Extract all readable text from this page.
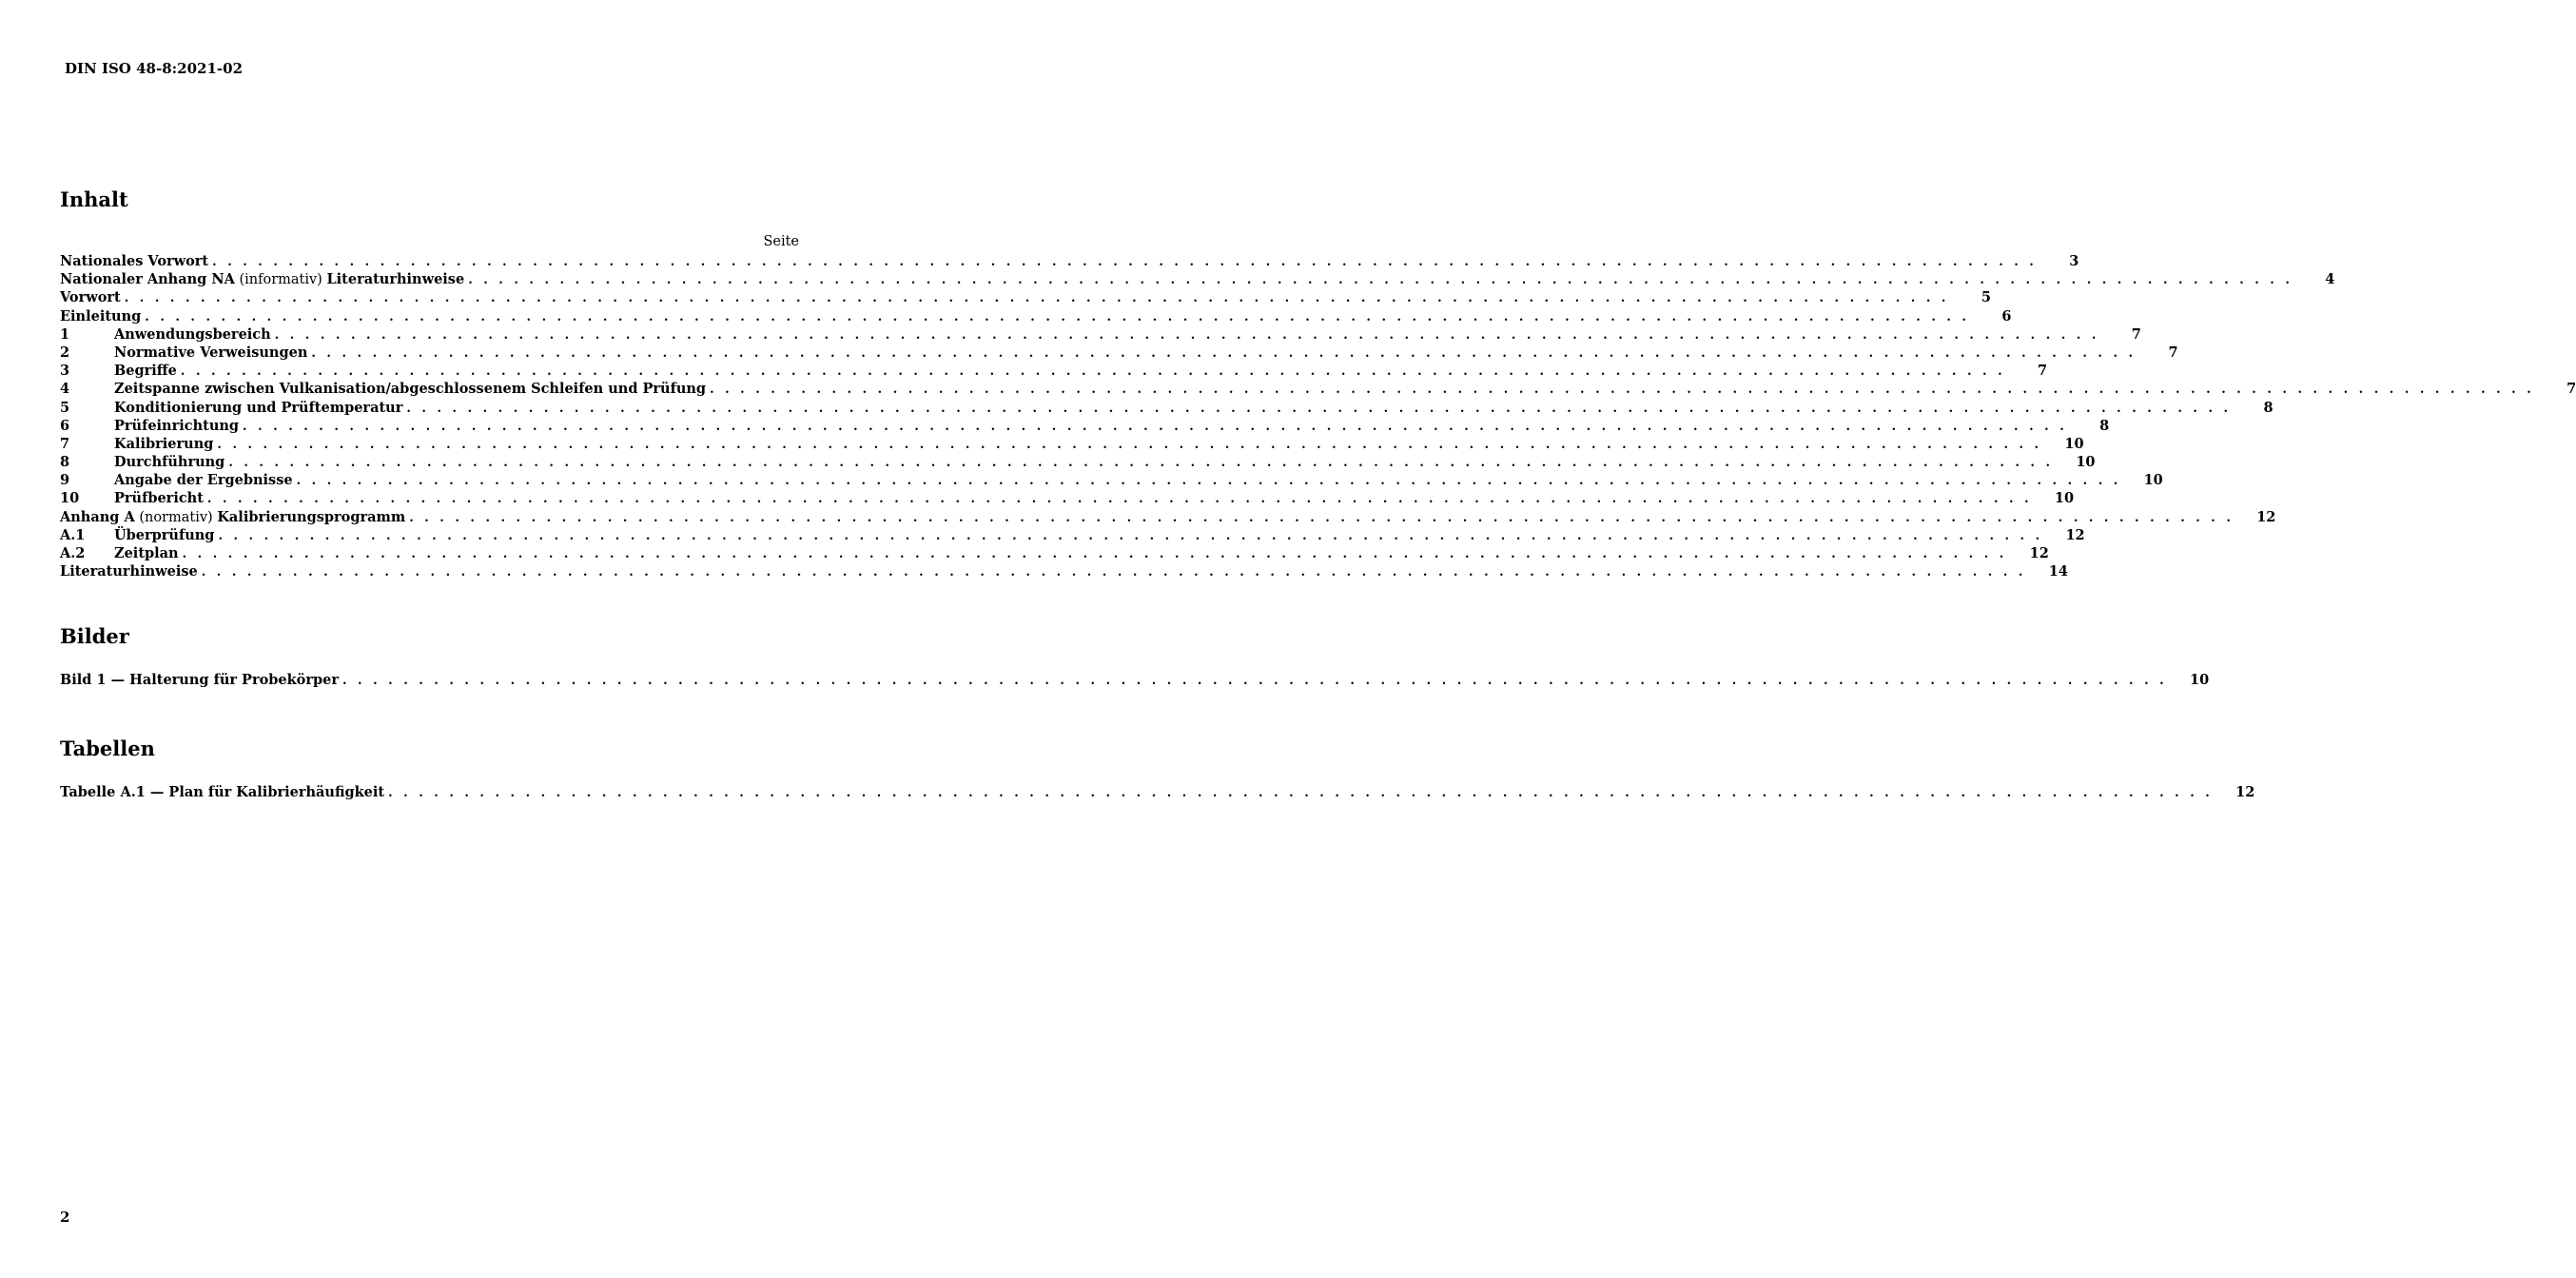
DIN ISO 48-8:2021-02
Inhalt
Seite
Nationales Vorwort . . . . . . . . . . . . . . . . . . . . . . . . . . . . . . . . . . . . . . . . . . . . . . . . . . . . . . . . . . . . . . . . . . . . . . . . . . . . . . . . . . . . . . . . . . . . . . . . . . . . . . . . . . . . . . . . . . . . . . . .	3
Nationaler Anhang NA (informativ) Literaturhinweise . . . . . . . . . . . . . . . . . . . . . . . . . . . . . . . . . . . . . . . . . . . . . . . . . . . . . . . . . . . . . . . . . . . . . . . . . . . . . . . . . . . . . . . . . . . . . . . . . . . . . . . . . . . . . . . . . . . . . . . .	4
Vorwort . . . . . . . . . . . . . . . . . . . . . . . . . . . . . . . . . . . . . . . . . . . . . . . . . . . . . . . . . . . . . . . . . . . . . . . . . . . . . . . . . . . . . . . . . . . . . . . . . . . . . . . . . . . . . . . . . . . . . . . .	5
Einleitung . . . . . . . . . . . . . . . . . . . . . . . . . . . . . . . . . . . . . . . . . . . . . . . . . . . . . . . . . . . . . . . . . . . . . . . . . . . . . . . . . . . . . . . . . . . . . . . . . . . . . . . . . . . . . . . . . . . . . . . .	6
1	Anwendungsbereich . . . . . . . . . . . . . . . . . . . . . . . . . . . . . . . . . . . . . . . . . . . . . . . . . . . . . . . . . . . . . . . . . . . . . . . . . . . . . . . . . . . . . . . . . . . . . . . . . . . . . . . . . . . . . . . . . . . . . . . .	7
2	Normative Verweisungen . . . . . . . . . . . . . . . . . . . . . . . . . . . . . . . . . . . . . . . . . . . . . . . . . . . . . . . . . . . . . . . . . . . . . . . . . . . . . . . . . . . . . . . . . . . . . . . . . . . . . . . . . . . . . . . . . . . . . . . .	7
3	Begriffe . . . . . . . . . . . . . . . . . . . . . . . . . . . . . . . . . . . . . . . . . . . . . . . . . . . . . . . . . . . . . . . . . . . . . . . . . . . . . . . . . . . . . . . . . . . . . . . . . . . . . . . . . . . . . . . . . . . . . . . .	7
4	Zeitspanne zwischen Vulkanisation/abgeschlossenem Schleifen und Prüfung . . . . . . . . . . . . . . . . . . . . . . . . . . . . . . . . . . . . . . . . . . . . . . . . . . . . . . . . . . . . . . . . . . . . . . . . . . . . . . . . . . . . . . . . . . . . . . . . . . . . . . . . . . . . . . . . . . . . . . . .	7
5	Konditionierung und Prüftemperatur . . . . . . . . . . . . . . . . . . . . . . . . . . . . . . . . . . . . . . . . . . . . . . . . . . . . . . . . . . . . . . . . . . . . . . . . . . . . . . . . . . . . . . . . . . . . . . . . . . . . . . . . . . . . . . . . . . . . . . . .	8
6	Prüfeinrichtung . . . . . . . . . . . . . . . . . . . . . . . . . . . . . . . . . . . . . . . . . . . . . . . . . . . . . . . . . . . . . . . . . . . . . . . . . . . . . . . . . . . . . . . . . . . . . . . . . . . . . . . . . . . . . . . . . . . . . . . .	8
7	Kalibrierung . . . . . . . . . . . . . . . . . . . . . . . . . . . . . . . . . . . . . . . . . . . . . . . . . . . . . . . . . . . . . . . . . . . . . . . . . . . . . . . . . . . . . . . . . . . . . . . . . . . . . . . . . . . . . . . . . . . . . . . .	10
8	Durchführung . . . . . . . . . . . . . . . . . . . . . . . . . . . . . . . . . . . . . . . . . . . . . . . . . . . . . . . . . . . . . . . . . . . . . . . . . . . . . . . . . . . . . . . . . . . . . . . . . . . . . . . . . . . . . . . . . . . . . . . .	10
9	Angabe der Ergebnisse . . . . . . . . . . . . . . . . . . . . . . . . . . . . . . . . . . . . . . . . . . . . . . . . . . . . . . . . . . . . . . . . . . . . . . . . . . . . . . . . . . . . . . . . . . . . . . . . . . . . . . . . . . . . . . . . . . . . . . . .	10
10	Prüfbericht . . . . . . . . . . . . . . . . . . . . . . . . . . . . . . . . . . . . . . . . . . . . . . . . . . . . . . . . . . . . . . . . . . . . . . . . . . . . . . . . . . . . . . . . . . . . . . . . . . . . . . . . . . . . . . . . . . . . . . . .	10
Anhang A (normativ) Kalibrierungsprogramm . . . . . . . . . . . . . . . . . . . . . . . . . . . . . . . . . . . . . . . . . . . . . . . . . . . . . . . . . . . . . . . . . . . . . . . . . . . . . . . . . . . . . . . . . . . . . . . . . . . . . . . . . . . . . . . . . . . . . . . .	12
A.1	Überprüfung . . . . . . . . . . . . . . . . . . . . . . . . . . . . . . . . . . . . . . . . . . . . . . . . . . . . . . . . . . . . . . . . . . . . . . . . . . . . . . . . . . . . . . . . . . . . . . . . . . . . . . . . . . . . . . . . . . . . . . . .	12
A.2	Zeitplan . . . . . . . . . . . . . . . . . . . . . . . . . . . . . . . . . . . . . . . . . . . . . . . . . . . . . . . . . . . . . . . . . . . . . . . . . . . . . . . . . . . . . . . . . . . . . . . . . . . . . . . . . . . . . . . . . . . . . . . .	12
Literaturhinweise . . . . . . . . . . . . . . . . . . . . . . . . . . . . . . . . . . . . . . . . . . . . . . . . . . . . . . . . . . . . . . . . . . . . . . . . . . . . . . . . . . . . . . . . . . . . . . . . . . . . . . . . . . . . . . . . . . . . . . . .	14
Bilder
Bild 1 — Halterung für Probekörper . . . . . . . . . . . . . . . . . . . . . . . . . . . . . . . . . . . . . . . . . . . . . . . . . . . . . . . . . . . . . . . . . . . . . . . . . . . . . . . . . . . . . . . . . . . . . . . . . . . . . . . . . . . . . . . . . . . . . . . .	10
Tabellen
Tabelle A.1 — Plan für Kalibrierhäufigkeit . . . . . . . . . . . . . . . . . . . . . . . . . . . . . . . . . . . . . . . . . . . . . . . . . . . . . . . . . . . . . . . . . . . . . . . . . . . . . . . . . . . . . . . . . . . . . . . . . . . . . . . . . . . . . . . . . . . . . . . .	12
2
